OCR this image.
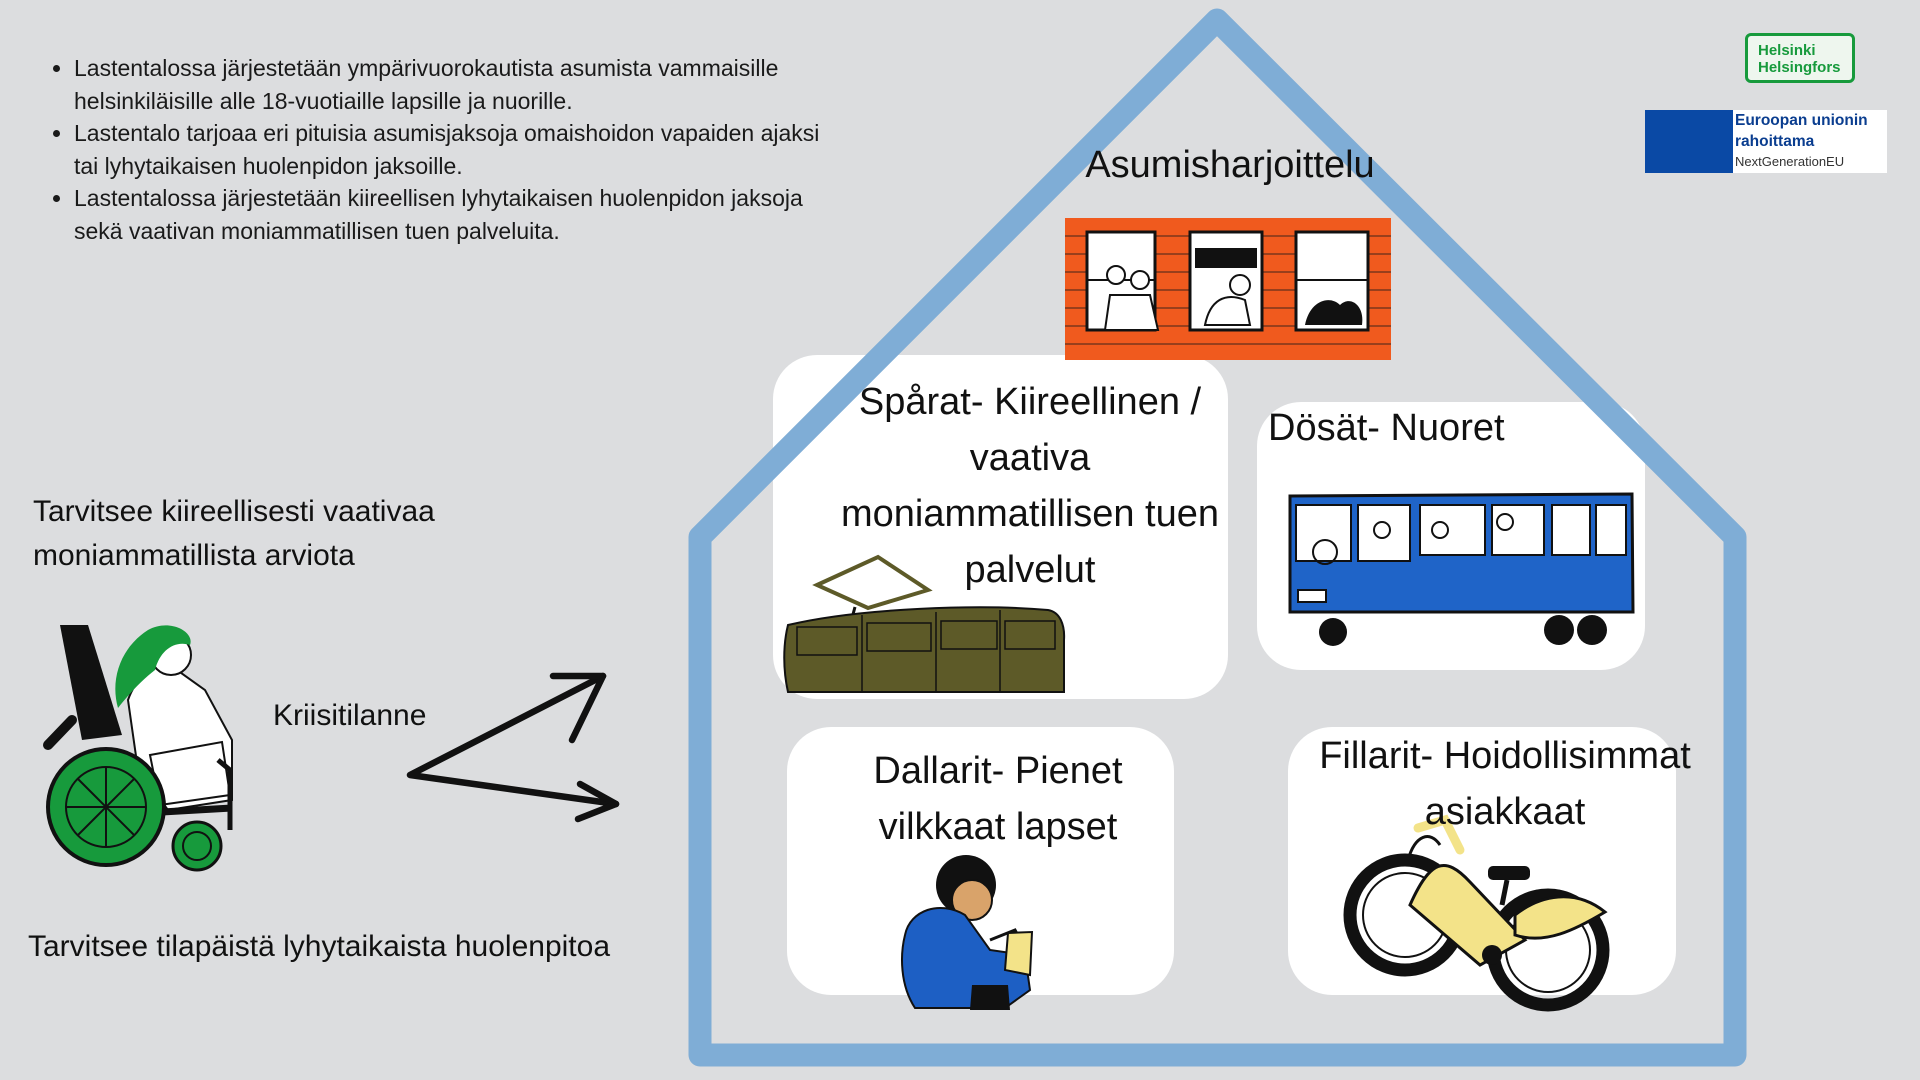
• Lastentalossa järjestetään ympärivuorokautista asumista vammaisille helsinkiläisille alle 18-vuotiaille lapsille ja nuorille.
• Lastentalo tarjoaa eri pituisia asumisjaksoja omaishoidon vapaiden ajaksi tai lyhytaikaisen huolenpidon jaksoille.
• Lastentalossa järjestetään kiireellisen lyhytaikaisen huolenpidon jaksoja sekä vaativan moniammatillisen tuen palveluita.
Tarvitsee kiireellisesti vaativaa
moniammatillista arviota
Kriisitilanne
Tarvitsee tilapäistä lyhytaikaista huolenpitoa
Asumisharjoittelu
Spårat- Kiireellinen /
vaativa
moniammatillisen tuen
palvelut
Dösät- Nuoret
Dallarit- Pienet
vilkkaat lapset
Fillarit- Hoidollisimmat
asiakkaat
Helsinki
Helsingfors
Euroopan unionin
rahoittama
NextGenerationEU
